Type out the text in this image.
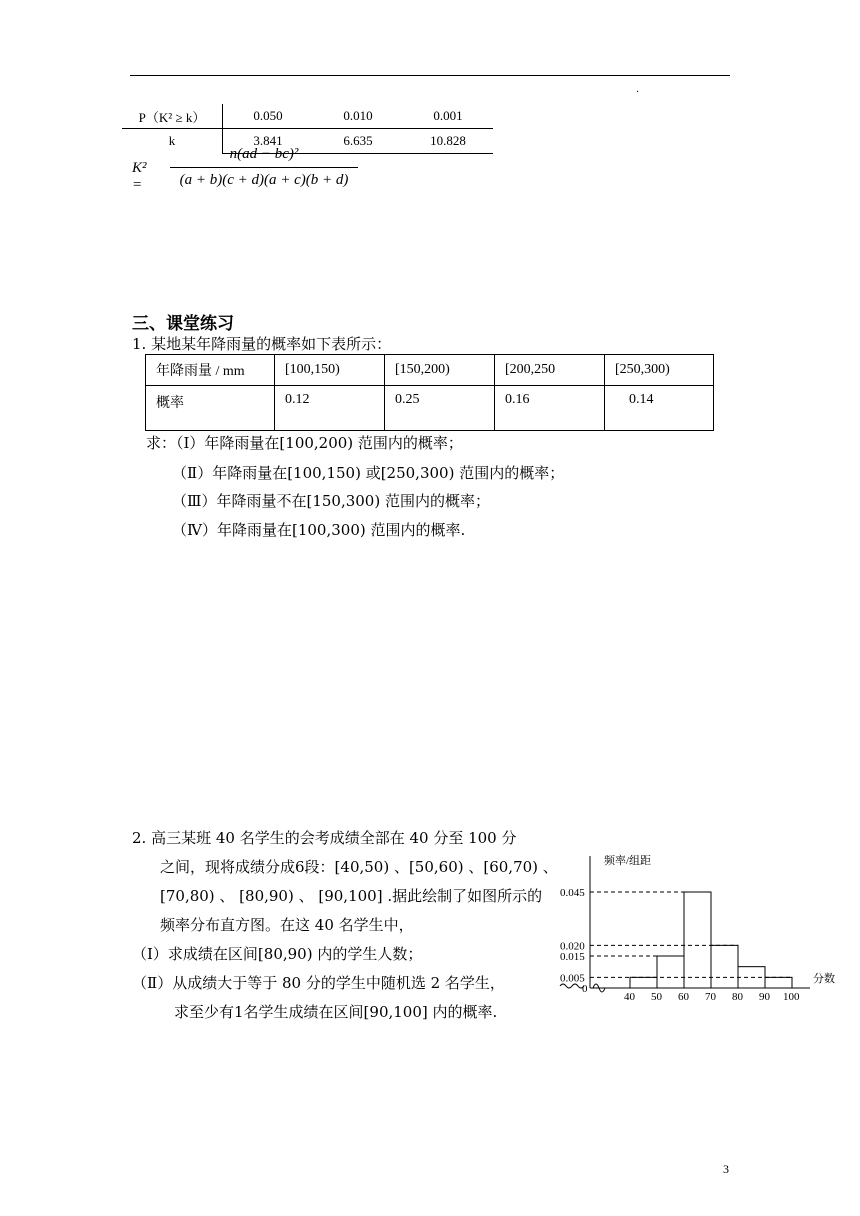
.
P（K² ≥ k）	0.050	0.010	0.001
k	3.841	6.635	10.828
$K^2 = \frac{\text{n(ad − bc)²}}{(a + b)(c + d)(a + c)(b + d)}$
三、课堂练习
1. 某地某年降雨量的概率如下表所示：
年降雨量 / mm	[100,150)	[150,200)	[200,250	[250,300)
概率	0.12	0.25	0.16	0.14
求：（Ⅰ）年降雨量在[100,200) 范围内的概率；
（Ⅱ）年降雨量在[100,150) 或[250,300) 范围内的概率；
（Ⅲ）年降雨量不在[150,300) 范围内的概率；
（Ⅳ）年降雨量在[100,300) 范围内的概率.
2. 高三某班 40 名学生的会考成绩全部在 40 分至 100 分
之间，现将成绩分成6段：[40,50) 、[50,60) 、[60,70) 、
[70,80) 、 [80,90) 、 [90,100] .据此绘制了如图所示的
频率分布直方图。在这 40 名学生中，
（Ⅰ）求成绩在区间[80,90) 内的学生人数；
（Ⅱ）从成绩大于等于 80 分的学生中随机选 2 名学生，
求至少有1名学生成绩在区间[90,100] 内的概率.
频率/组距
分数
0
0.045
0.020
0.015
0.005
40 50 60 70 80 90 100
3
